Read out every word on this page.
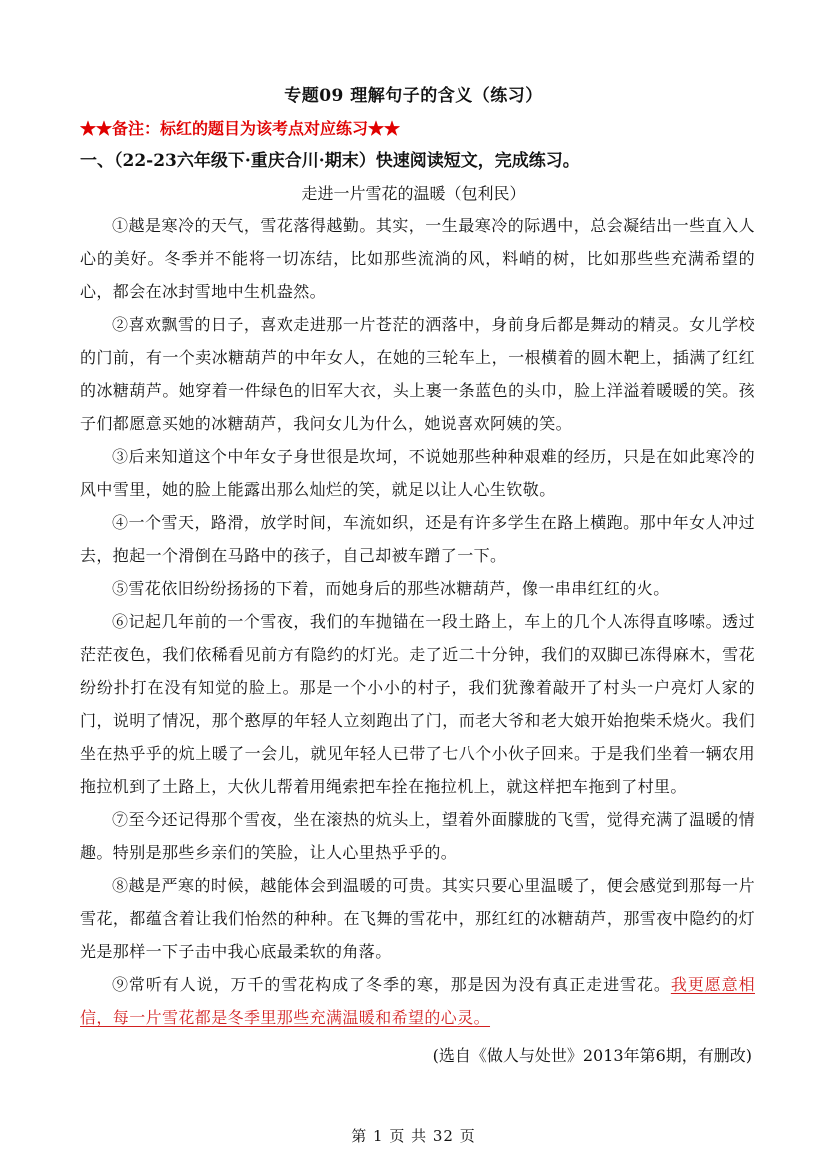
专题09 理解句子的含义（练习）
★★备注：标红的题目为该考点对应练习★★
一、（22-23六年级下·重庆合川·期末）快速阅读短文，完成练习。
走进一片雪花的温暖（包利民）

①越是寒冷的天气，雪花落得越勤。其实，一生最寒冷的际遇中，总会凝结出一些直入人心的美好。冬季并不能将一切冻结，比如那些流淌的风，料峭的树，比如那些些充满希望的心，都会在冰封雪地中生机盎然。

②喜欢飘雪的日子，喜欢走进那一片苍茫的洒落中，身前身后都是舞动的精灵。女儿学校的门前，有一个卖冰糖葫芦的中年女人，在她的三轮车上，一根横着的圆木靶上，插满了红红的冰糖葫芦。她穿着一件绿色的旧军大衣，头上裹一条蓝色的头巾，脸上洋溢着暖暖的笑。孩子们都愿意买她的冰糖葫芦，我问女儿为什么，她说喜欢阿姨的笑。

③后来知道这个中年女子身世很是坎坷，不说她那些种种艰难的经历，只是在如此寒冷的风中雪里，她的脸上能露出那么灿烂的笑，就足以让人心生钦敬。

④一个雪天，路滑，放学时间，车流如织，还是有许多学生在路上横跑。那中年女人冲过去，抱起一个滑倒在马路中的孩子，自己却被车蹭了一下。

⑤雪花依旧纷纷扬扬的下着，而她身后的那些冰糖葫芦，像一串串红红的火。

⑥记起几年前的一个雪夜，我们的车抛锚在一段土路上，车上的几个人冻得直哆嗦。透过茫茫夜色，我们依稀看见前方有隐约的灯光。走了近二十分钟，我们的双脚已冻得麻木，雪花纷纷扑打在没有知觉的脸上。那是一个小小的村子，我们犹豫着敲开了村头一户亮灯人家的门，说明了情况，那个憨厚的年轻人立刻跑出了门，而老大爷和老大娘开始抱柴禾烧火。我们坐在热乎乎的炕上暖了一会儿，就见年轻人已带了七八个小伙子回来。于是我们坐着一辆农用拖拉机到了土路上，大伙儿帮着用绳索把车拴在拖拉机上，就这样把车拖到了村里。

⑦至今还记得那个雪夜，坐在滚热的炕头上，望着外面朦胧的飞雪，觉得充满了温暖的情趣。特别是那些乡亲们的笑脸，让人心里热乎乎的。

⑧越是严寒的时候，越能体会到温暖的可贵。其实只要心里温暖了，便会感觉到那每一片雪花，都蕴含着让我们怡然的种种。在飞舞的雪花中，那红红的冰糖葫芦，那雪夜中隐约的灯光是那样一下子击中我心底最柔软的角落。

⑨常听有人说，万千的雪花构成了冬季的寒，那是因为没有真正走进雪花。我更愿意相信，每一片雪花都是冬季里那些充满温暖和希望的心灵。

(选自《做人与处世》2013年第6期，有删改)
第 1 页 共 32 页
